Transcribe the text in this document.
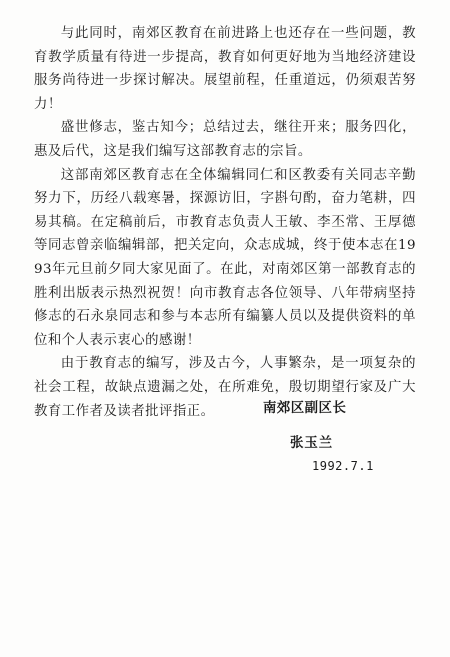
与此同时，南郊区教育在前进路上也还存在一些问题，教育教学质量有待进一步提高，教育如何更好地为当地经济建设服务尚待进一步探讨解决。展望前程，任重道远，仍须艰苦努力！

盛世修志，鉴古知今；总结过去，继往开来；服务四化，惠及后代，这是我们编写这部教育志的宗旨。

这部南郊区教育志在全体编辑同仁和区教委有关同志辛勤努力下，历经八载寒暑，探源访旧，字斟句酌，奋力笔耕，四易其稿。在定稿前后，市教育志负责人王敏、李丕常、王厚德等同志曾亲临编辑部，把关定向，众志成城，终于使本志在1993年元旦前夕同大家见面了。在此，对南郊区第一部教育志的胜利出版表示热烈祝贺！向市教育志各位领导、八年带病坚持修志的石永泉同志和参与本志所有编纂人员以及提供资料的单位和个人表示衷心的感谢！

由于教育志的编写，涉及古今，人事繁杂，是一项复杂的社会工程，故缺点遗漏之处，在所难免，殷切期望行家及广大教育工作者及读者批评指正。	南郊区副区长
张玉兰
1992.7.1
